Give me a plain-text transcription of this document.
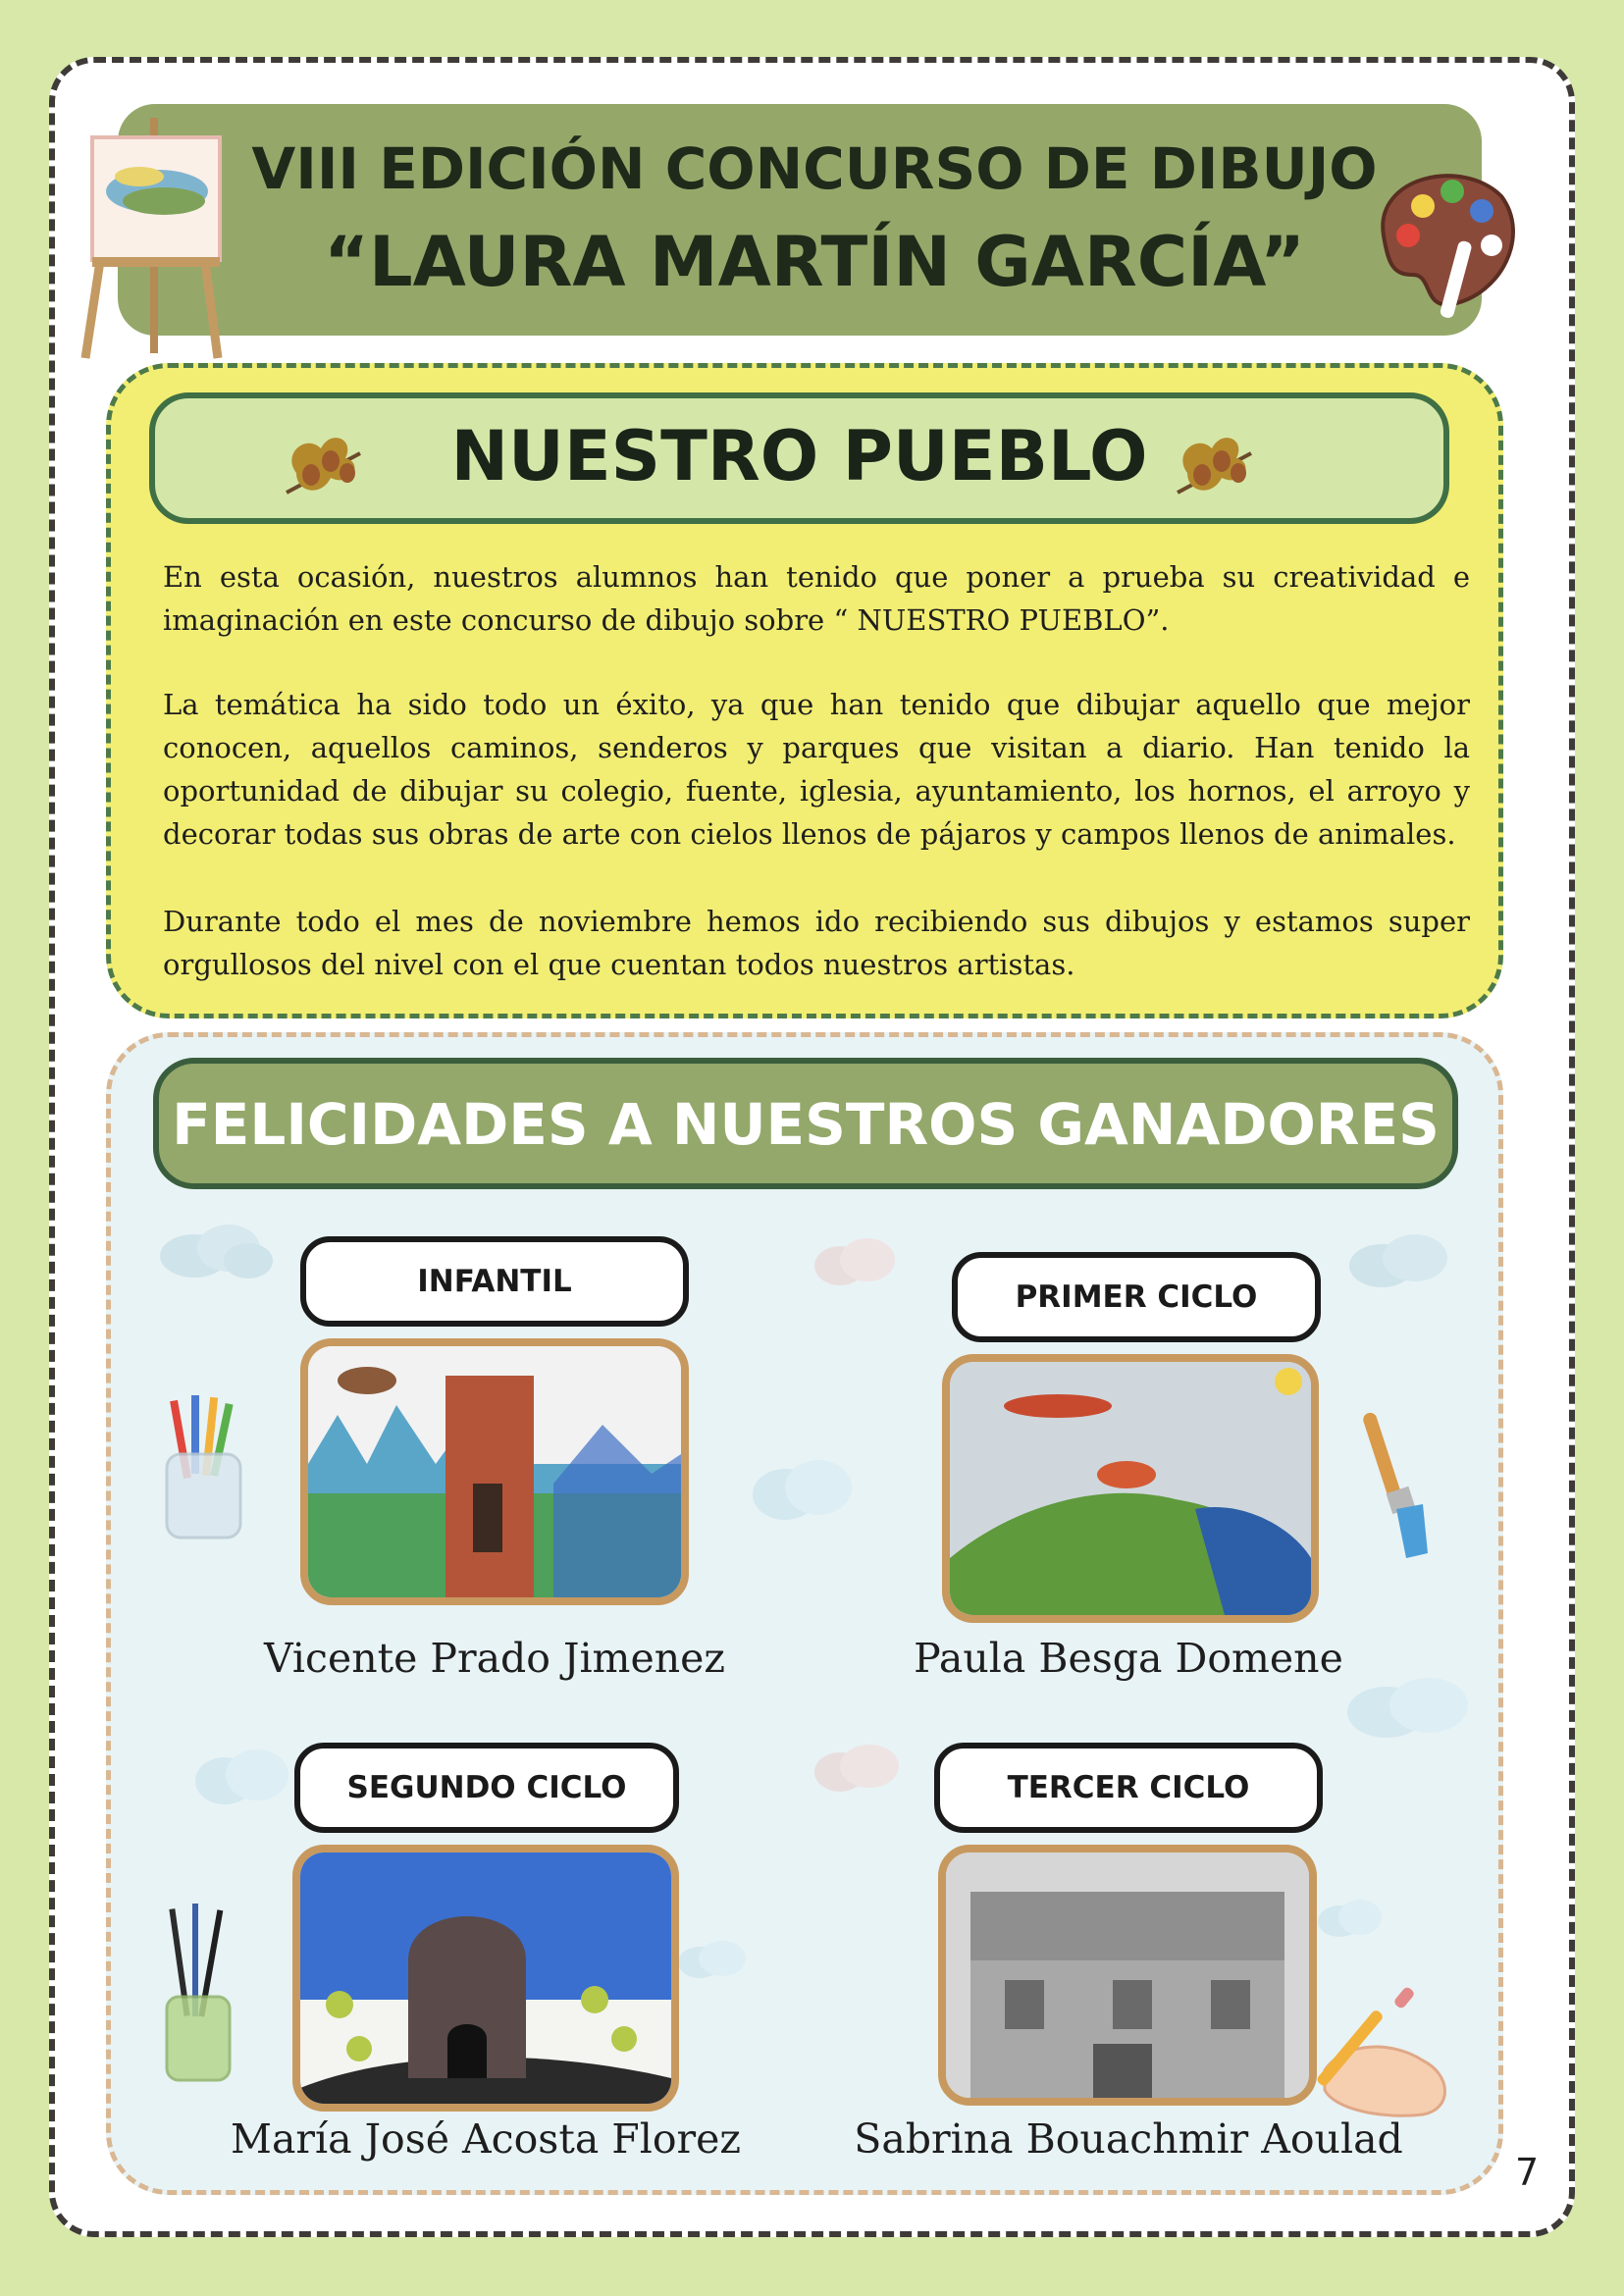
VIII EDICIÓN CONCURSO DE DIBUJO
“LAURA MARTÍN GARCÍA”
NUESTRO PUEBLO

En esta ocasión, nuestros alumnos han tenido que poner a prueba su creatividad e imaginación en este concurso de dibujo sobre “ NUESTRO PUEBLO”.

La temática ha sido todo un éxito, ya que han tenido que dibujar aquello que mejor conocen, aquellos caminos, senderos y parques que visitan a diario. Han tenido la oportunidad de dibujar su colegio, fuente, iglesia, ayuntamiento, los hornos, el arroyo y decorar todas sus obras de arte con cielos llenos de pájaros y campos llenos de animales.

Durante todo el mes de noviembre hemos ido recibiendo sus dibujos y estamos super orgullosos del nivel con el que cuentan todos nuestros artistas.

FELICIDADES A NUESTROS GANADORES
INFANTIL
Vicente Prado Jimenez
PRIMER CICLO
Paula Besga Domene
SEGUNDO CICLO
María José Acosta Florez
TERCER CICLO
Sabrina Bouachmir Aoulad
7
